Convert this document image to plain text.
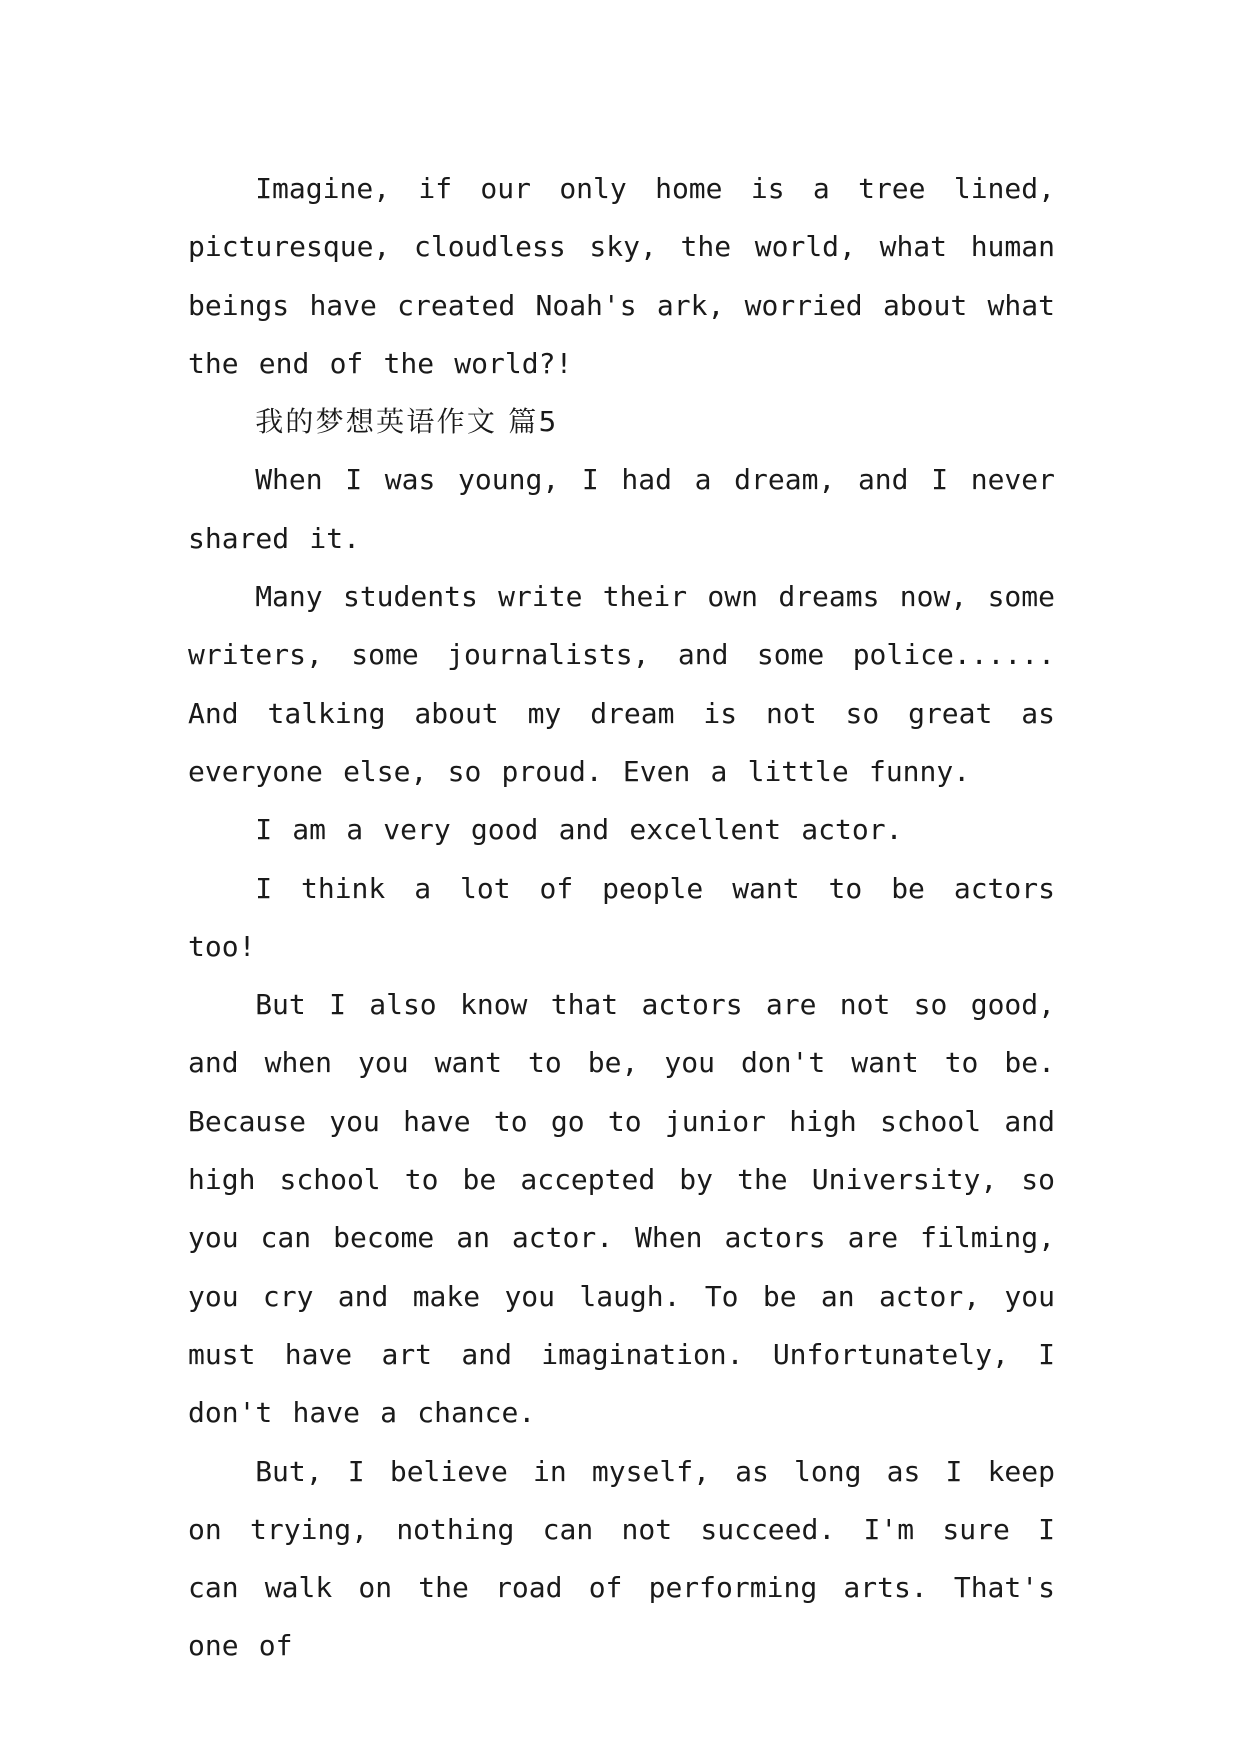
Imagine, if our only home is a tree lined, picturesque, cloudless sky, the world, what human beings have created Noah's ark, worried about what the end of the world?!

我的梦想英语作文 篇5

When I was young, I had a dream, and I never shared it.

Many students write their own dreams now, some writers, some journalists, and some police...... And talking about my dream is not so great as everyone else, so proud. Even a little funny.

I am a very good and excellent actor.

I think a lot of people want to be actors too!

But I also know that actors are not so good, and when you want to be, you don't want to be. Because you have to go to junior high school and high school to be accepted by the University, so you can become an actor. When actors are filming, you cry and make you laugh. To be an actor, you must have art and imagination. Unfortunately, I don't have a chance.

But, I believe in myself, as long as I keep on trying, nothing can not succeed. I'm sure I can walk on the road of performing arts. That's one of
